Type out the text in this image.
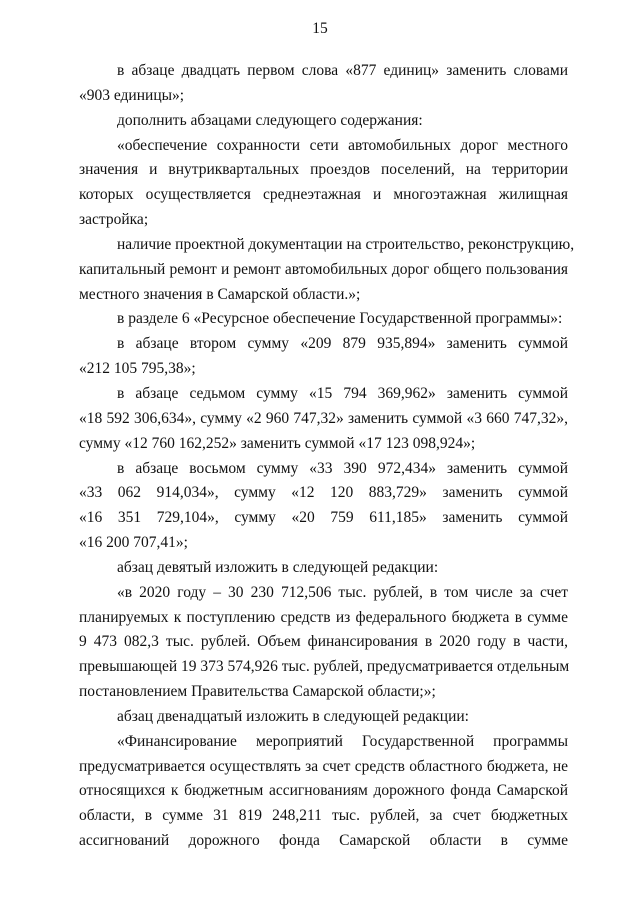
15
в абзаце двадцать первом слова «877 единиц» заменить словами
«903 единицы»;
дополнить абзацами следующего содержания:
«обеспечение сохранности сети автомобильных дорог местного
значения и внутриквартальных проездов поселений, на территории
которых осуществляется среднеэтажная и многоэтажная жилищная
застройка;
наличие проектной документации на строительство, реконструкцию,
капитальный ремонт и ремонт автомобильных дорог общего пользования
местного значения в Самарской области.»;
в разделе 6 «Ресурсное обеспечение Государственной программы»:
в абзаце втором сумму «209 879 935,894» заменить суммой
«212 105 795,38»;
в абзаце седьмом сумму «15 794 369,962» заменить суммой
«18 592 306,634», сумму «2 960 747,32» заменить суммой «3 660 747,32»,
сумму «12 760 162,252» заменить суммой «17 123 098,924»;
в абзаце восьмом сумму «33 390 972,434» заменить суммой
«33 062 914,034», сумму «12 120 883,729» заменить суммой
«16 351 729,104», сумму «20 759 611,185» заменить суммой
«16 200 707,41»;
абзац девятый изложить в следующей редакции:
«в 2020 году – 30 230 712,506 тыс. рублей, в том числе за счет
планируемых к поступлению средств из федерального бюджета в сумме
9 473 082,3 тыс. рублей. Объем финансирования в 2020 году в части,
превышающей 19 373 574,926 тыс. рублей, предусматривается отдельным
постановлением Правительства Самарской области;»;
абзац двенадцатый изложить в следующей редакции:
«Финансирование мероприятий Государственной программы
предусматривается осуществлять за счет средств областного бюджета, не
относящихся к бюджетным ассигнованиям дорожного фонда Самарской
области, в сумме 31 819 248,211 тыс. рублей, за счет бюджетных
ассигнований дорожного фонда Самарской области в сумме
